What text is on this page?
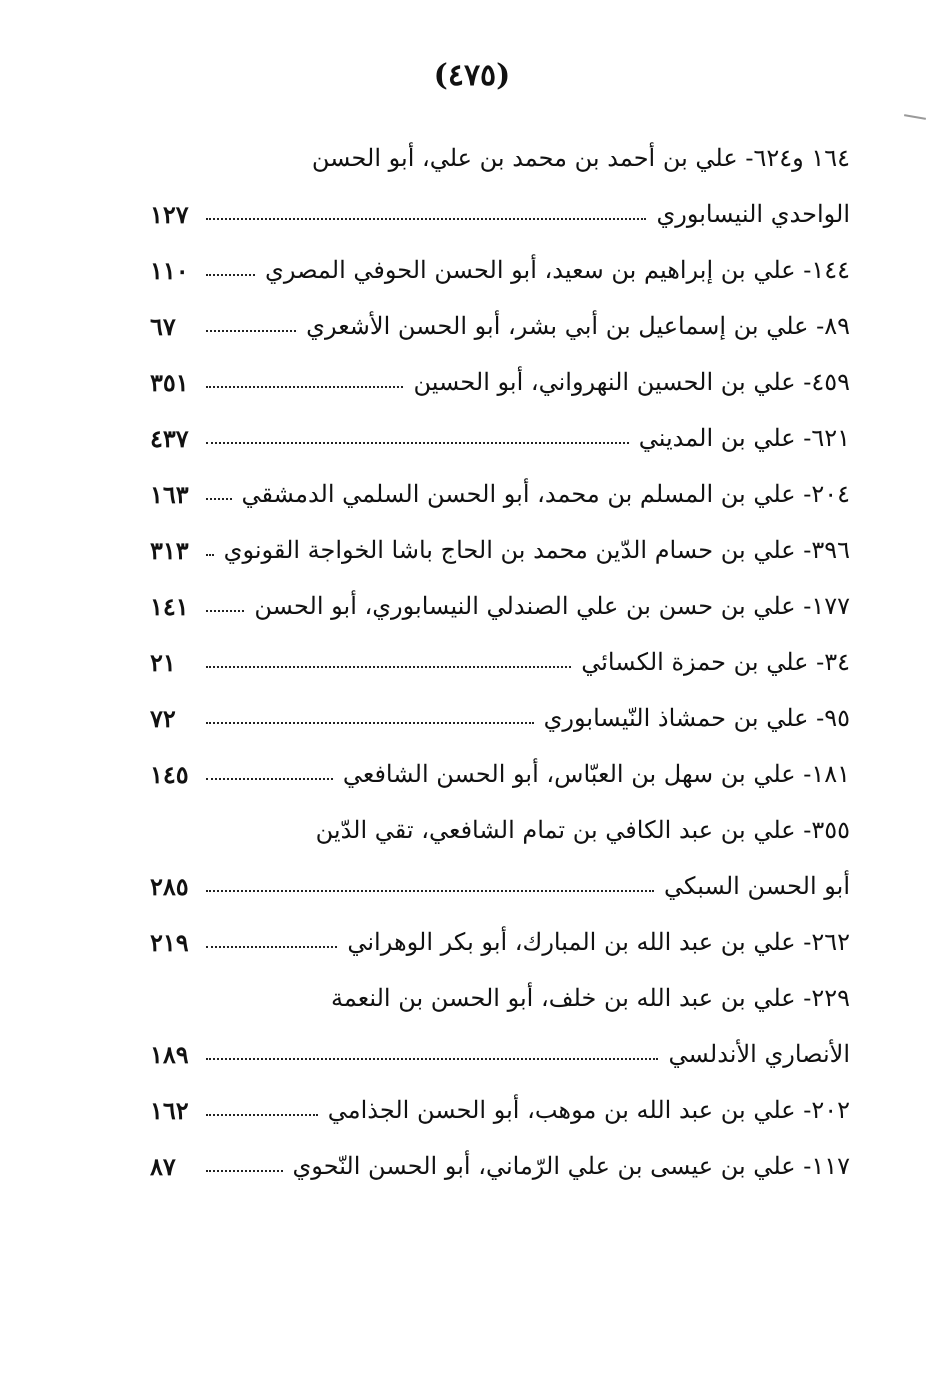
(٤٧٥)
١٦٤ و٦٢٤- علي بن أحمد بن محمد بن علي، أبو الحسن
الواحدي النيسابوري
١٢٧
١٤٤- علي بن إبراهيم بن سعيد، أبو الحسن الحوفي المصري
١١٠
٨٩- علي بن إسماعيل بن أبي بشر، أبو الحسن الأشعري
٦٧
٤٥٩- علي بن الحسين النهرواني، أبو الحسين
٣٥١
٦٢١- علي بن المديني
٤٣٧
٢٠٤- علي بن المسلم بن محمد، أبو الحسن السلمي الدمشقي
١٦٣
٣٩٦- علي بن حسام الدّين محمد بن الحاج باشا الخواجة القونوي
٣١٣
١٧٧- علي بن حسن بن علي الصندلي النيسابوري، أبو الحسن
١٤١
٣٤- علي بن حمزة الكسائي
٢١
٩٥- علي بن حمشاذ النّيسابوري
٧٢
١٨١- علي بن سهل بن العبّاس، أبو الحسن الشافعي
١٤٥
٣٥٥- علي بن عبد الكافي بن تمام الشافعي، تقي الدّين
أبو الحسن السبكي
٢٨٥
٢٦٢- علي بن عبد الله بن المبارك، أبو بكر الوهراني
٢١٩
٢٢٩- علي بن عبد الله بن خلف، أبو الحسن بن النعمة
الأنصاري الأندلسي
١٨٩
٢٠٢- علي بن عبد الله بن موهب، أبو الحسن الجذامي
١٦٢
١١٧- علي بن عيسى بن علي الرّماني، أبو الحسن النّحوي
٨٧
